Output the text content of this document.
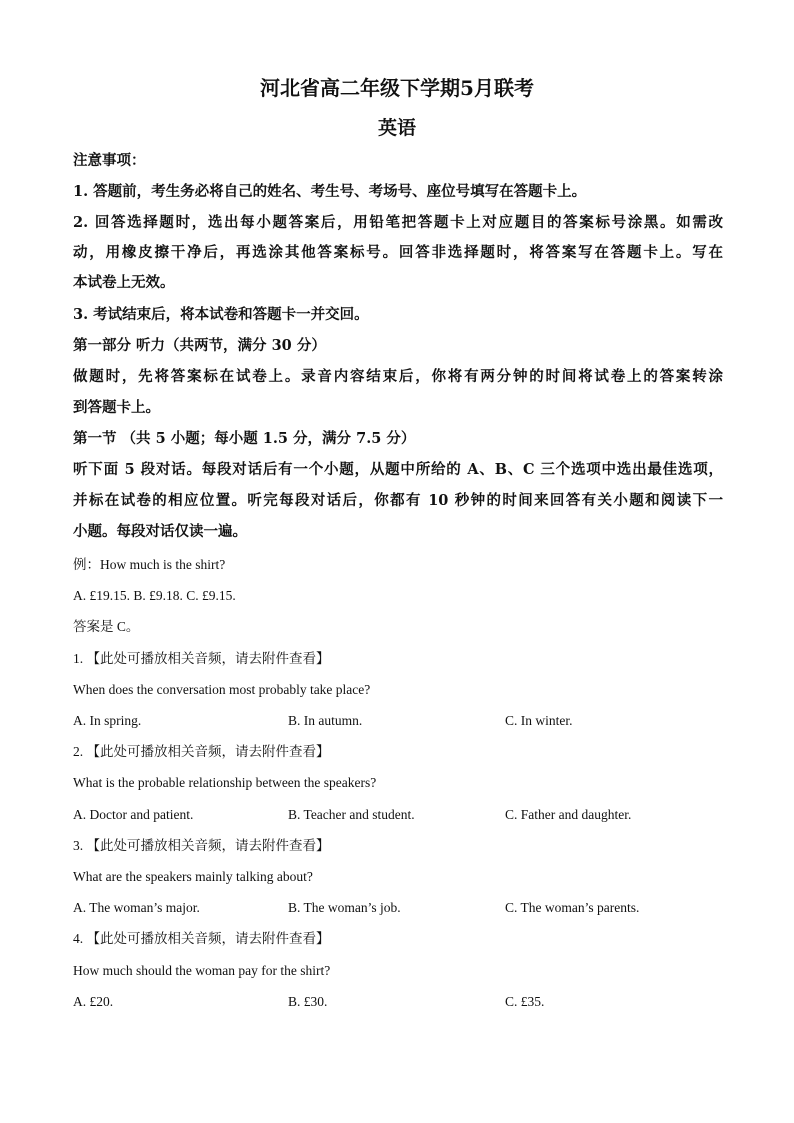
河北省高二年级下学期5月联考
英语

注意事项：

1. 答题前，考生务必将自己的姓名、考生号、考场号、座位号填写在答题卡上。

2. 回答选择题时，选出每小题答案后，用铅笔把答题卡上对应题目的答案标号涂黑。如需改

动，用橡皮擦干净后，再选涂其他答案标号。回答非选择题时，将答案写在答题卡上。写在

本试卷上无效。

3. 考试结束后，将本试卷和答题卡一并交回。

第一部分 听力（共两节，满分 30 分）

做题时，先将答案标在试卷上。录音内容结束后，你将有两分钟的时间将试卷上的答案转涂

到答题卡上。

第一节 （共 5 小题；每小题 1.5 分，满分 7.5 分）

听下面 5 段对话。每段对话后有一个小题，从题中所给的 A、B、C 三个选项中选出最佳选项，

并标在试卷的相应位置。听完每段对话后，你都有 10 秒钟的时间来回答有关小题和阅读下一

小题。每段对话仅读一遍。

例：How much is the shirt?

A. £19.15. B. £9.18. C. £9.15.

答案是 C。

1. 【此处可播放相关音频，请去附件查看】

When does the conversation most probably take place?

A. In spring.	B. In autumn.	C. In winter.

2. 【此处可播放相关音频，请去附件查看】

What is the probable relationship between the speakers?

A. Doctor and patient.	B. Teacher and student.	C. Father and daughter.

3. 【此处可播放相关音频，请去附件查看】

What are the speakers mainly talking about?

A. The woman’s major.	B. The woman’s job.	C. The woman’s parents.

4. 【此处可播放相关音频，请去附件查看】

How much should the woman pay for the shirt?

A. £20.	B. £30.	C. £35.
